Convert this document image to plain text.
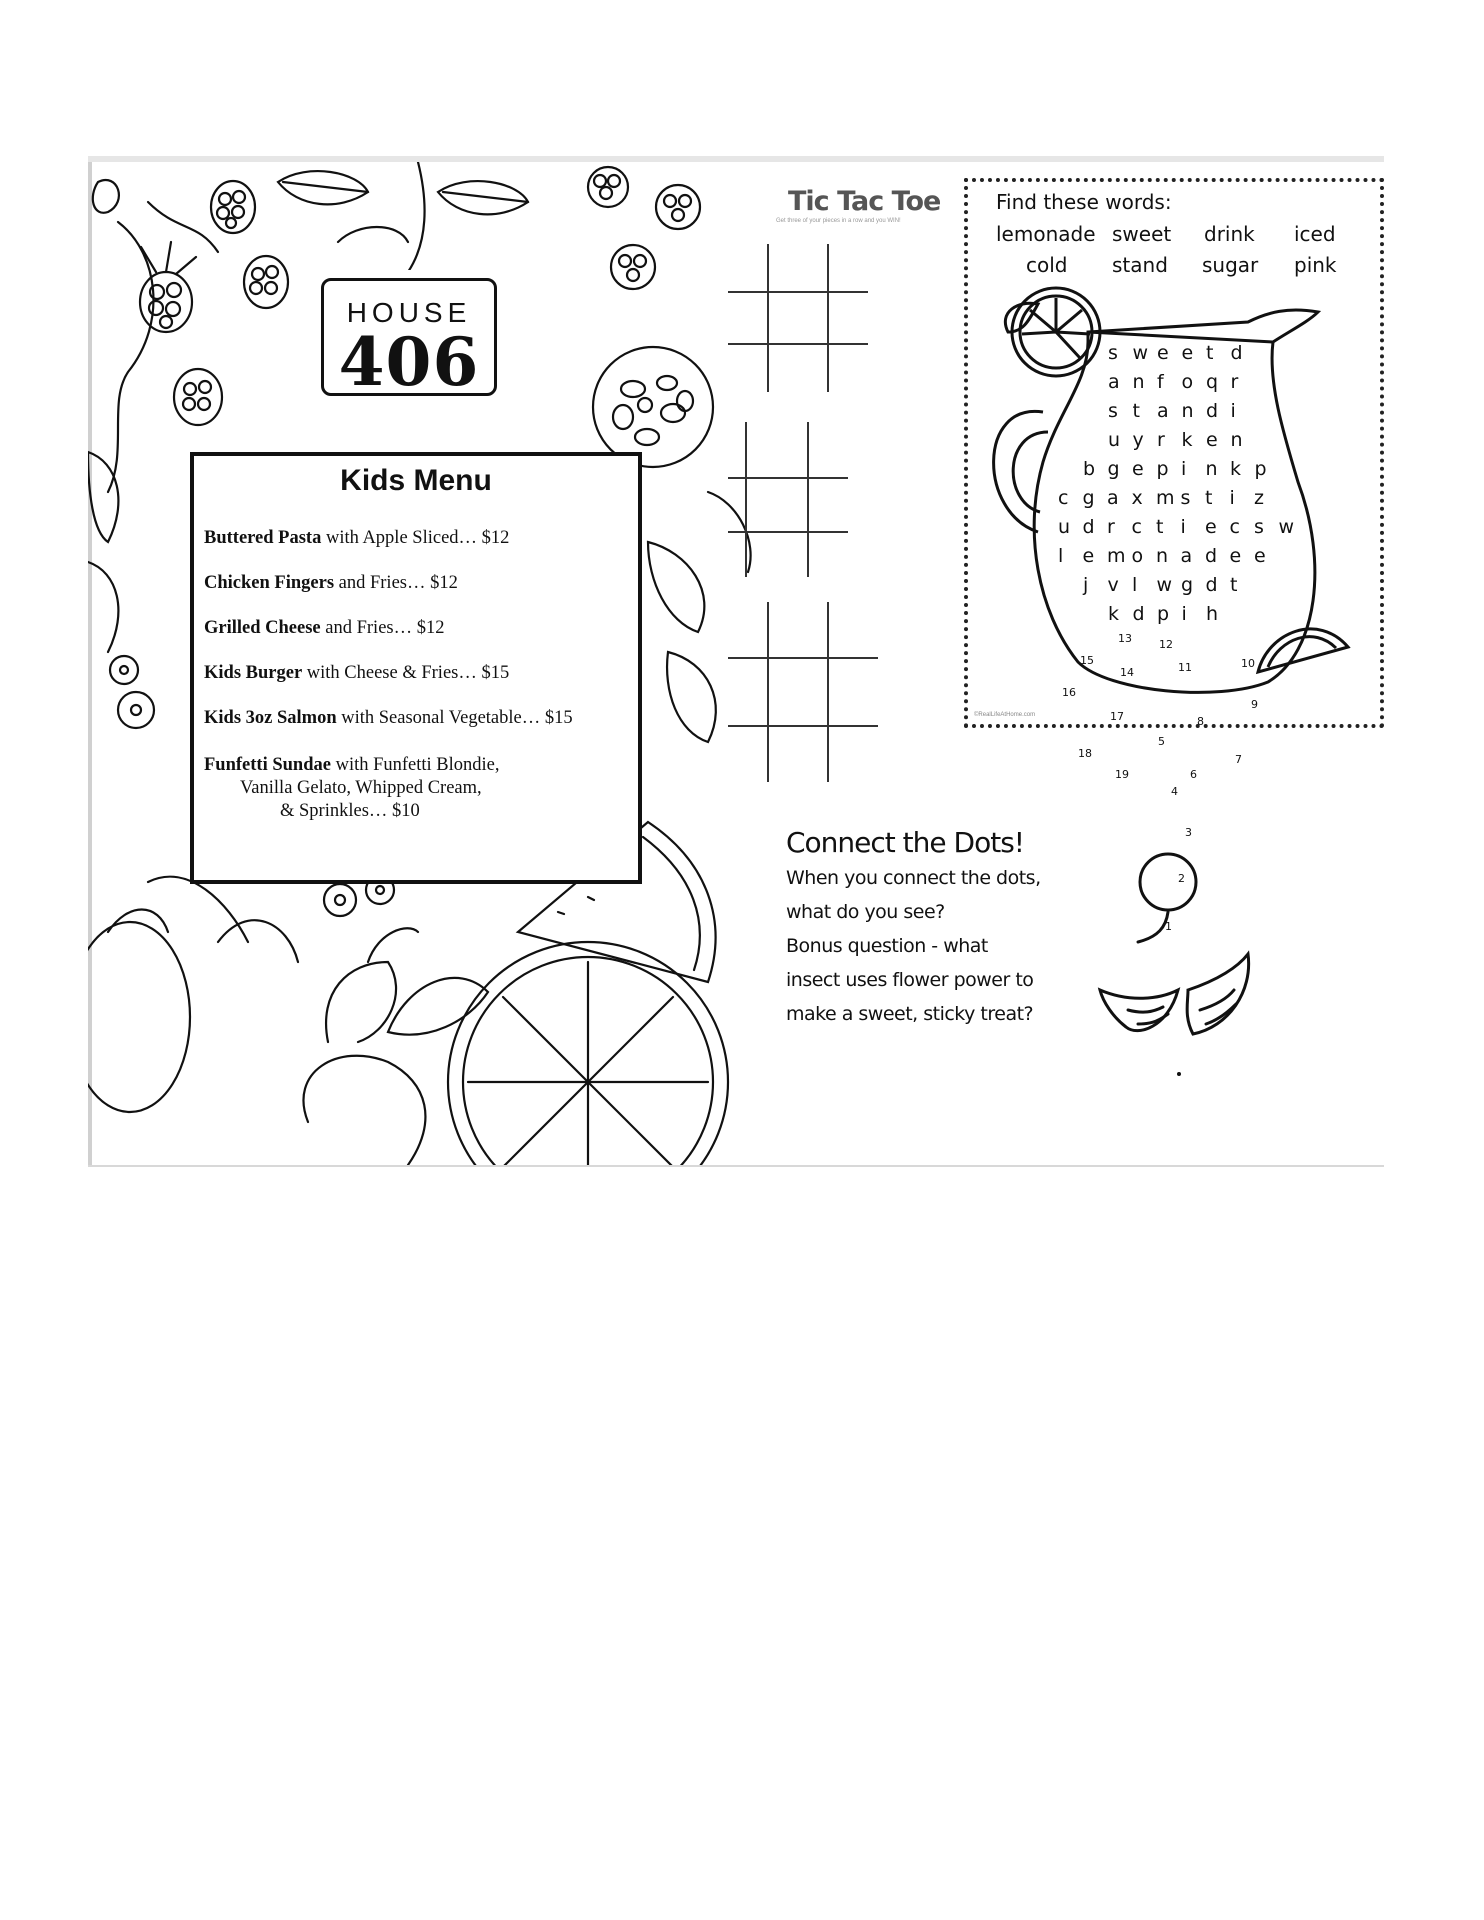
HOUSE
406
Kids Menu
Buttered Pasta with Apple Sliced… $12
Chicken Fingers and Fries… $12
Grilled Cheese and Fries… $12
Kids Burger with Cheese & Fries… $15
Kids 3oz Salmon with Seasonal Vegetable… $15
Funfetti Sundae with Funfetti Blondie,
Vanilla Gelato, Whipped Cream,
& Sprinkles… $10
Tic Tac Toe
Get three of your pieces in a row and you WIN!
Find these words:
lemonade sweet drink iced
cold stand sugar pink
s w e e t d
a n f o q r
s t a n d i
u y r k e n
b g e p i n k p
c g a x m s t i z
u d r c t i e c s w
l e m o n a d e e
j v l w g d t
k d p i h
©RealLifeAtHome.com
Connect the Dots!
When you connect the dots,
what do you see?
Bonus question - what
insect uses flower power to
make a sweet, sticky treat?
1
2
3
4
5
6
7
8
9
10
11
12
13
14
15
16
17
18
19
